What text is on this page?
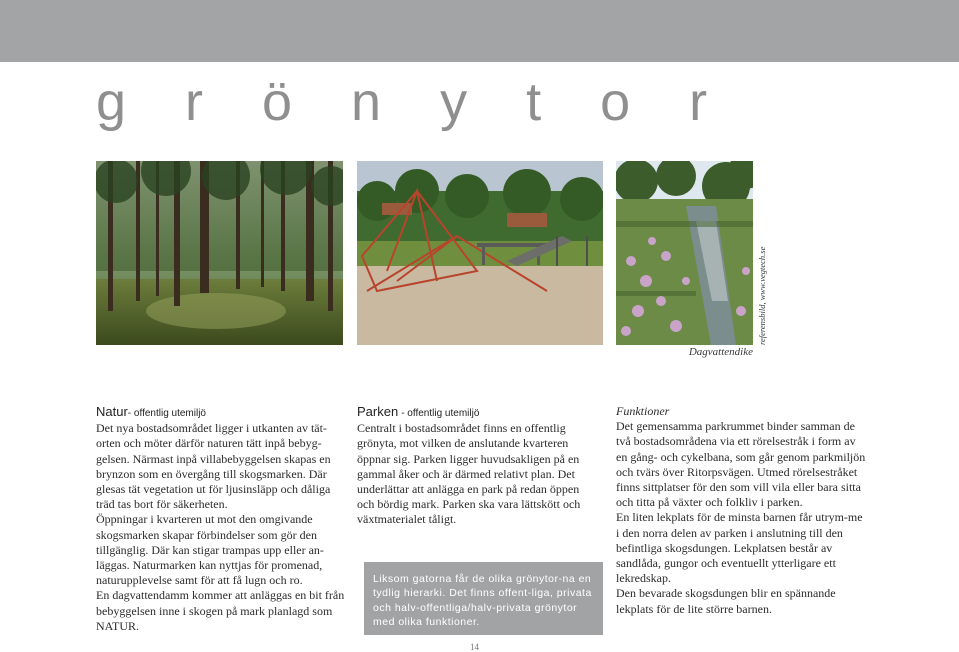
g r ö n y t o r
Dagvattendike
referensbild, www.vegtech.se
Natur- offentlig utemiljö

Det nya bostadsområdet ligger i utkanten av tät-orten och möter därför naturen tätt inpå bebyg-gelsen. Närmast inpå villabebyggelsen skapas en brynzon som en övergång till skogsmarken. Där glesas tät vegetation ut för ljusinsläpp och dåliga träd tas bort för säkerheten.

Öppningar i kvarteren ut mot den omgivande skogsmarken skapar förbindelser som gör den tillgänglig. Där kan stigar trampas upp eller an-läggas. Naturmarken kan nyttjas för promenad, naturupplevelse samt för att få lugn och ro.

En dagvattendamm kommer att anläggas en bit från bebyggelsen inne i skogen på mark planlagd som NATUR.

Parken - offentlig utemiljö

Centralt i bostadsområdet finns en offentlig grönyta, mot vilken de anslutande kvarteren öppnar sig. Parken ligger huvudsakligen på en gammal åker och är därmed relativt plan. Det underlättar att anlägga en park på redan öppen och bördig mark. Parken ska vara lättskött och växtmaterialet tåligt.

Liksom gatorna får de olika grönytor-na en tydlig hierarki. Det finns offent-liga, privata och halv-offentliga/halv-privata grönytor med olika funktioner.
Funktioner

Det gemensamma parkrummet binder samman de två bostadsområdena via ett rörelsestråk i form av en gång- och cykelbana, som går genom parkmiljön och tvärs över Ritorpsvägen. Utmed rörelsestråket finns sittplatser för den som vill vila eller bara sitta och titta på växter och folkliv i parken.

En liten lekplats för de minsta barnen får utrym-me i den norra delen av parken i anslutning till den befintliga skogsdungen. Lekplatsen består av sandlåda, gungor och eventuellt ytterligare ett lekredskap.

Den bevarade skogsdungen blir en spännande lekplats för de lite större barnen.

14
